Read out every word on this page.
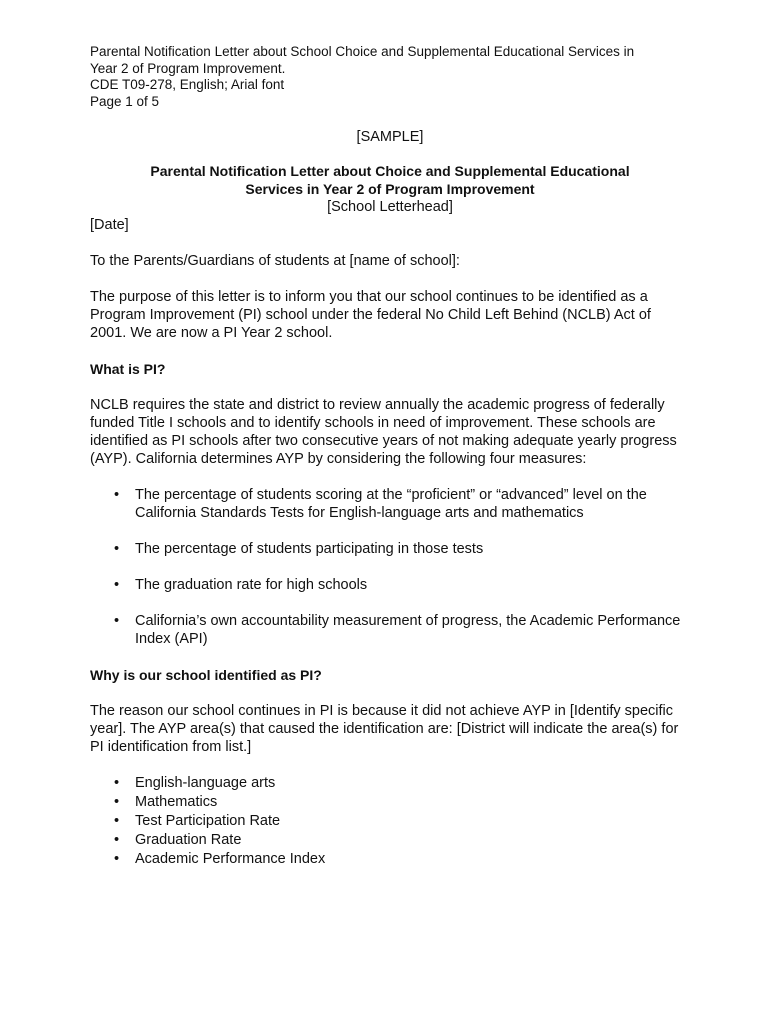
Parental Notification Letter about School Choice and Supplemental Educational Services in
Year 2 of Program Improvement.
CDE T09-278, English; Arial font
Page 1 of 5
[SAMPLE]
Parental Notification Letter about Choice and Supplemental Educational
Services in Year 2 of Program Improvement
[School Letterhead]

[Date]

To the Parents/Guardians of students at [name of school]:

The purpose of this letter is to inform you that our school continues to be identified as a Program Improvement (PI) school under the federal No Child Left Behind (NCLB) Act of 2001. We are now a PI Year 2 school.

What is PI?

NCLB requires the state and district to review annually the academic progress of federally funded Title I schools and to identify schools in need of improvement. These schools are identified as PI schools after two consecutive years of not making adequate yearly progress (AYP). California determines AYP by considering the following four measures:

• The percentage of students scoring at the “proficient” or “advanced” level on the California Standards Tests for English-language arts and mathematics
• The percentage of students participating in those tests
• The graduation rate for high schools
• California’s own accountability measurement of progress, the Academic Performance Index (API)

Why is our school identified as PI?

The reason our school continues in PI is because it did not achieve AYP in [Identify specific year]. The AYP area(s) that caused the identification are: [District will indicate the area(s) for PI identification from list.]

• English-language arts
• Mathematics
• Test Participation Rate
• Graduation Rate
• Academic Performance Index
